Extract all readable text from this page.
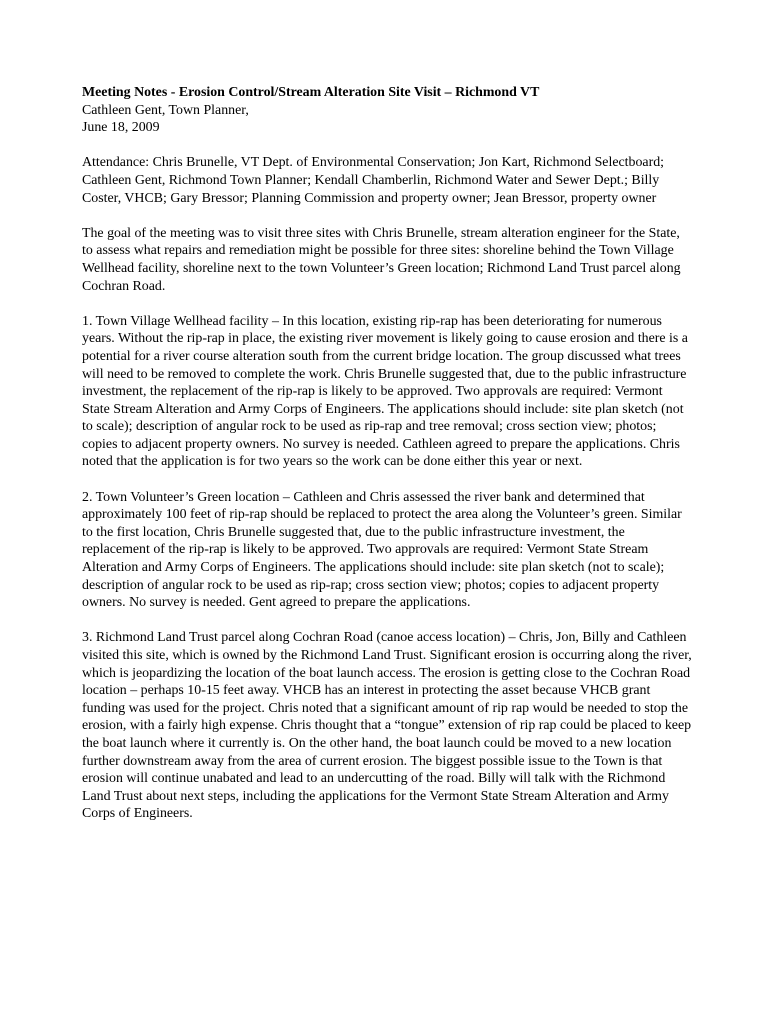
Meeting Notes - Erosion Control/Stream Alteration Site Visit – Richmond VT

Cathleen Gent, Town Planner,

June 18, 2009

Attendance: Chris Brunelle, VT Dept. of Environmental Conservation; Jon Kart, Richmond Selectboard; Cathleen Gent, Richmond Town Planner; Kendall Chamberlin, Richmond Water and Sewer Dept.; Billy Coster, VHCB; Gary Bressor; Planning Commission and property owner; Jean Bressor, property owner

The goal of the meeting was to visit three sites with Chris Brunelle, stream alteration engineer for the State, to assess what repairs and remediation might be possible for three sites: shoreline behind the Town Village Wellhead facility, shoreline next to the town Volunteer’s Green location; Richmond Land Trust parcel along Cochran Road.

1. Town Village Wellhead facility – In this location, existing rip-rap has been deteriorating for numerous years. Without the rip-rap in place, the existing river movement is likely going to cause erosion and there is a potential for a river course alteration south from the current bridge location. The group discussed what trees will need to be removed to complete the work. Chris Brunelle suggested that, due to the public infrastructure investment, the replacement of the rip-rap is likely to be approved. Two approvals are required: Vermont State Stream Alteration and Army Corps of Engineers. The applications should include: site plan sketch (not to scale); description of angular rock to be used as rip-rap and tree removal; cross section view; photos; copies to adjacent property owners. No survey is needed. Cathleen agreed to prepare the applications. Chris noted that the application is for two years so the work can be done either this year or next.

2. Town Volunteer’s Green location – Cathleen and Chris assessed the river bank and determined that approximately 100 feet of rip-rap should be replaced to protect the area along the Volunteer’s green. Similar to the first location, Chris Brunelle suggested that, due to the public infrastructure investment, the replacement of the rip-rap is likely to be approved. Two approvals are required: Vermont State Stream Alteration and Army Corps of Engineers. The applications should include: site plan sketch (not to scale); description of angular rock to be used as rip-rap; cross section view; photos; copies to adjacent property owners. No survey is needed. Gent agreed to prepare the applications.

3. Richmond Land Trust parcel along Cochran Road (canoe access location) – Chris, Jon, Billy and Cathleen visited this site, which is owned by the Richmond Land Trust. Significant erosion is occurring along the river, which is jeopardizing the location of the boat launch access. The erosion is getting close to the Cochran Road location – perhaps 10-15 feet away. VHCB has an interest in protecting the asset because VHCB grant funding was used for the project. Chris noted that a significant amount of rip rap would be needed to stop the erosion, with a fairly high expense. Chris thought that a “tongue” extension of rip rap could be placed to keep the boat launch where it currently is. On the other hand, the boat launch could be moved to a new location further downstream away from the area of current erosion. The biggest possible issue to the Town is that erosion will continue unabated and lead to an undercutting of the road. Billy will talk with the Richmond Land Trust about next steps, including the applications for the Vermont State Stream Alteration and Army Corps of Engineers.
